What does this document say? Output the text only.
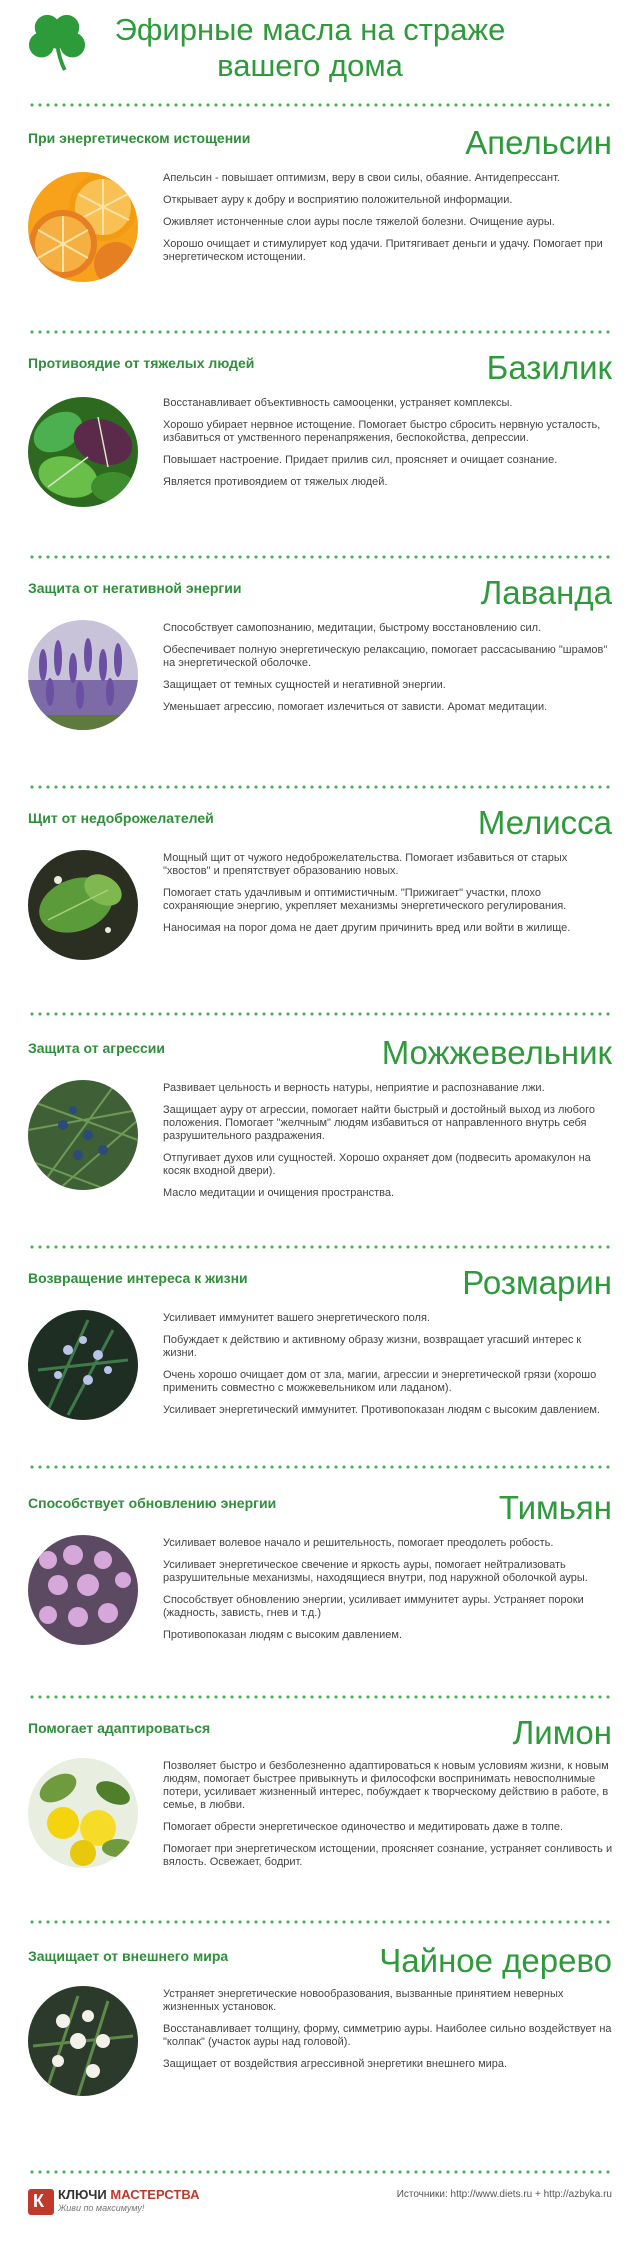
Эфирные масла на страже вашего дома
При энергетическом истощении	Апельсин

Апельсин - повышает оптимизм, веру в свои силы, обаяние. Антидепрессант.

Открывает ауру к добру и восприятию положительной информации.

Оживляет истонченные слои ауры после тяжелой болезни. Очищение ауры.

Хорошо очищает и стимулирует код удачи. Притягивает деньги и удачу. Помогает при энергетическом истощении.

Противоядие от тяжелых людей	Базилик

Восстанавливает объективность самооценки, устраняет комплексы.

Хорошо убирает нервное истощение. Помогает быстро сбросить нервную усталость, избавиться от умственного перенапряжения, беспокойства, депрессии.

Повышает настроение. Придает прилив сил, проясняет и очищает сознание.

Является противоядием от тяжелых людей.

Защита от негативной энергии	Лаванда

Способствует самопознанию, медитации, быстрому восстановлению сил.

Обеспечивает полную энергетическую релаксацию, помогает рассасыванию "шрамов" на энергетической оболочке.

Защищает от темных сущностей и негативной энергии.

Уменьшает агрессию, помогает излечиться от зависти. Аромат медитации.

Щит от недоброжелателей	Мелисса

Мощный щит от чужого недоброжелательства. Помогает избавиться от старых "хвостов" и препятствует образованию новых.

Помогает стать удачливым и оптимистичным. "Прижигает" участки, плохо сохраняющие энергию, укрепляет механизмы энергетического регулирования.

Наносимая на порог дома не дает другим причинить вред или войти в жилище.

Защита от агрессии	Можжевельник

Развивает цельность и верность натуры, неприятие и распознавание лжи.

Защищает ауру от агрессии, помогает найти быстрый и достойный выход из любого положения. Помогает "желчным" людям избавиться от направленного внутрь себя разрушительного раздражения.

Отпугивает духов или сущностей. Хорошо охраняет дом (подвесить аромакулон на косяк входной двери).

Масло медитации и очищения пространства.

Возвращение интереса к жизни	Розмарин

Усиливает иммунитет вашего энергетического поля.

Побуждает к действию и активному образу жизни, возвращает угасший интерес к жизни.

Очень хорошо очищает дом от зла, магии, агрессии и энергетической грязи (хорошо применить совместно с можжевельником или ладаном).

Усиливает энергетический иммунитет. Противопоказан людям с высоким давлением.

Способствует обновлению энергии	Тимьян

Усиливает волевое начало и решительность, помогает преодолеть робость.

Усиливает энергетическое свечение и яркость ауры, помогает нейтрализовать разрушительные механизмы, находящиеся внутри, под наружной оболочкой ауры.

Способствует обновлению энергии, усиливает иммунитет ауры. Устраняет пороки (жадность, зависть, гнев и т.д.)

Противопоказан людям с высоким давлением.

Помогает адаптироваться	Лимон

Позволяет быстро и безболезненно адаптироваться к новым условиям жизни, к новым людям, помогает быстрее привыкнуть и философски воспринимать невосполнимые потери, усиливает жизненный интерес, побуждает к творческому действию в работе, в семье, в любви.

Помогает обрести энергетическое одиночество и медитировать даже в толпе.

Помогает при энергетическом истощении, проясняет сознание, устраняет сонливость и вялость. Освежает, бодрит.

Защищает от внешнего мира	Чайное дерево

Устраняет энергетические новообразования, вызванные принятием неверных жизненных установок.

Восстанавливает толщину, форму, симметрию ауры. Наиболее сильно воздействует на "колпак" (участок ауры над головой).

Защищает от воздействия агрессивной энергетики внешнего мира.

К КЛЮЧИ МАСТЕРСТВА
Живи по максимуму!
Источники: http://www.diets.ru + http://azbyka.ru
